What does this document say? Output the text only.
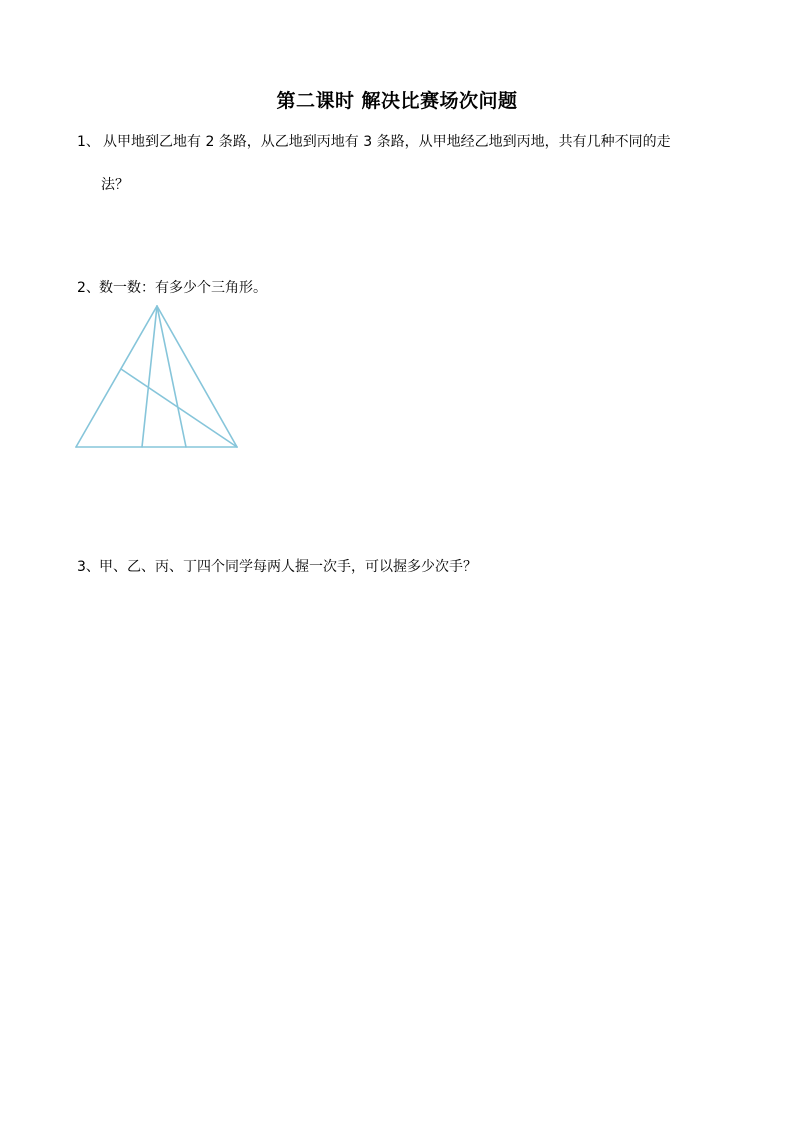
第二课时 解决比赛场次问题
1、 从甲地到乙地有 2 条路，从乙地到丙地有 3 条路，从甲地经乙地到丙地，共有几种不同的走
法？
2、数一数：有多少个三角形。
3、甲、乙、丙、丁四个同学每两人握一次手，可以握多少次手？
